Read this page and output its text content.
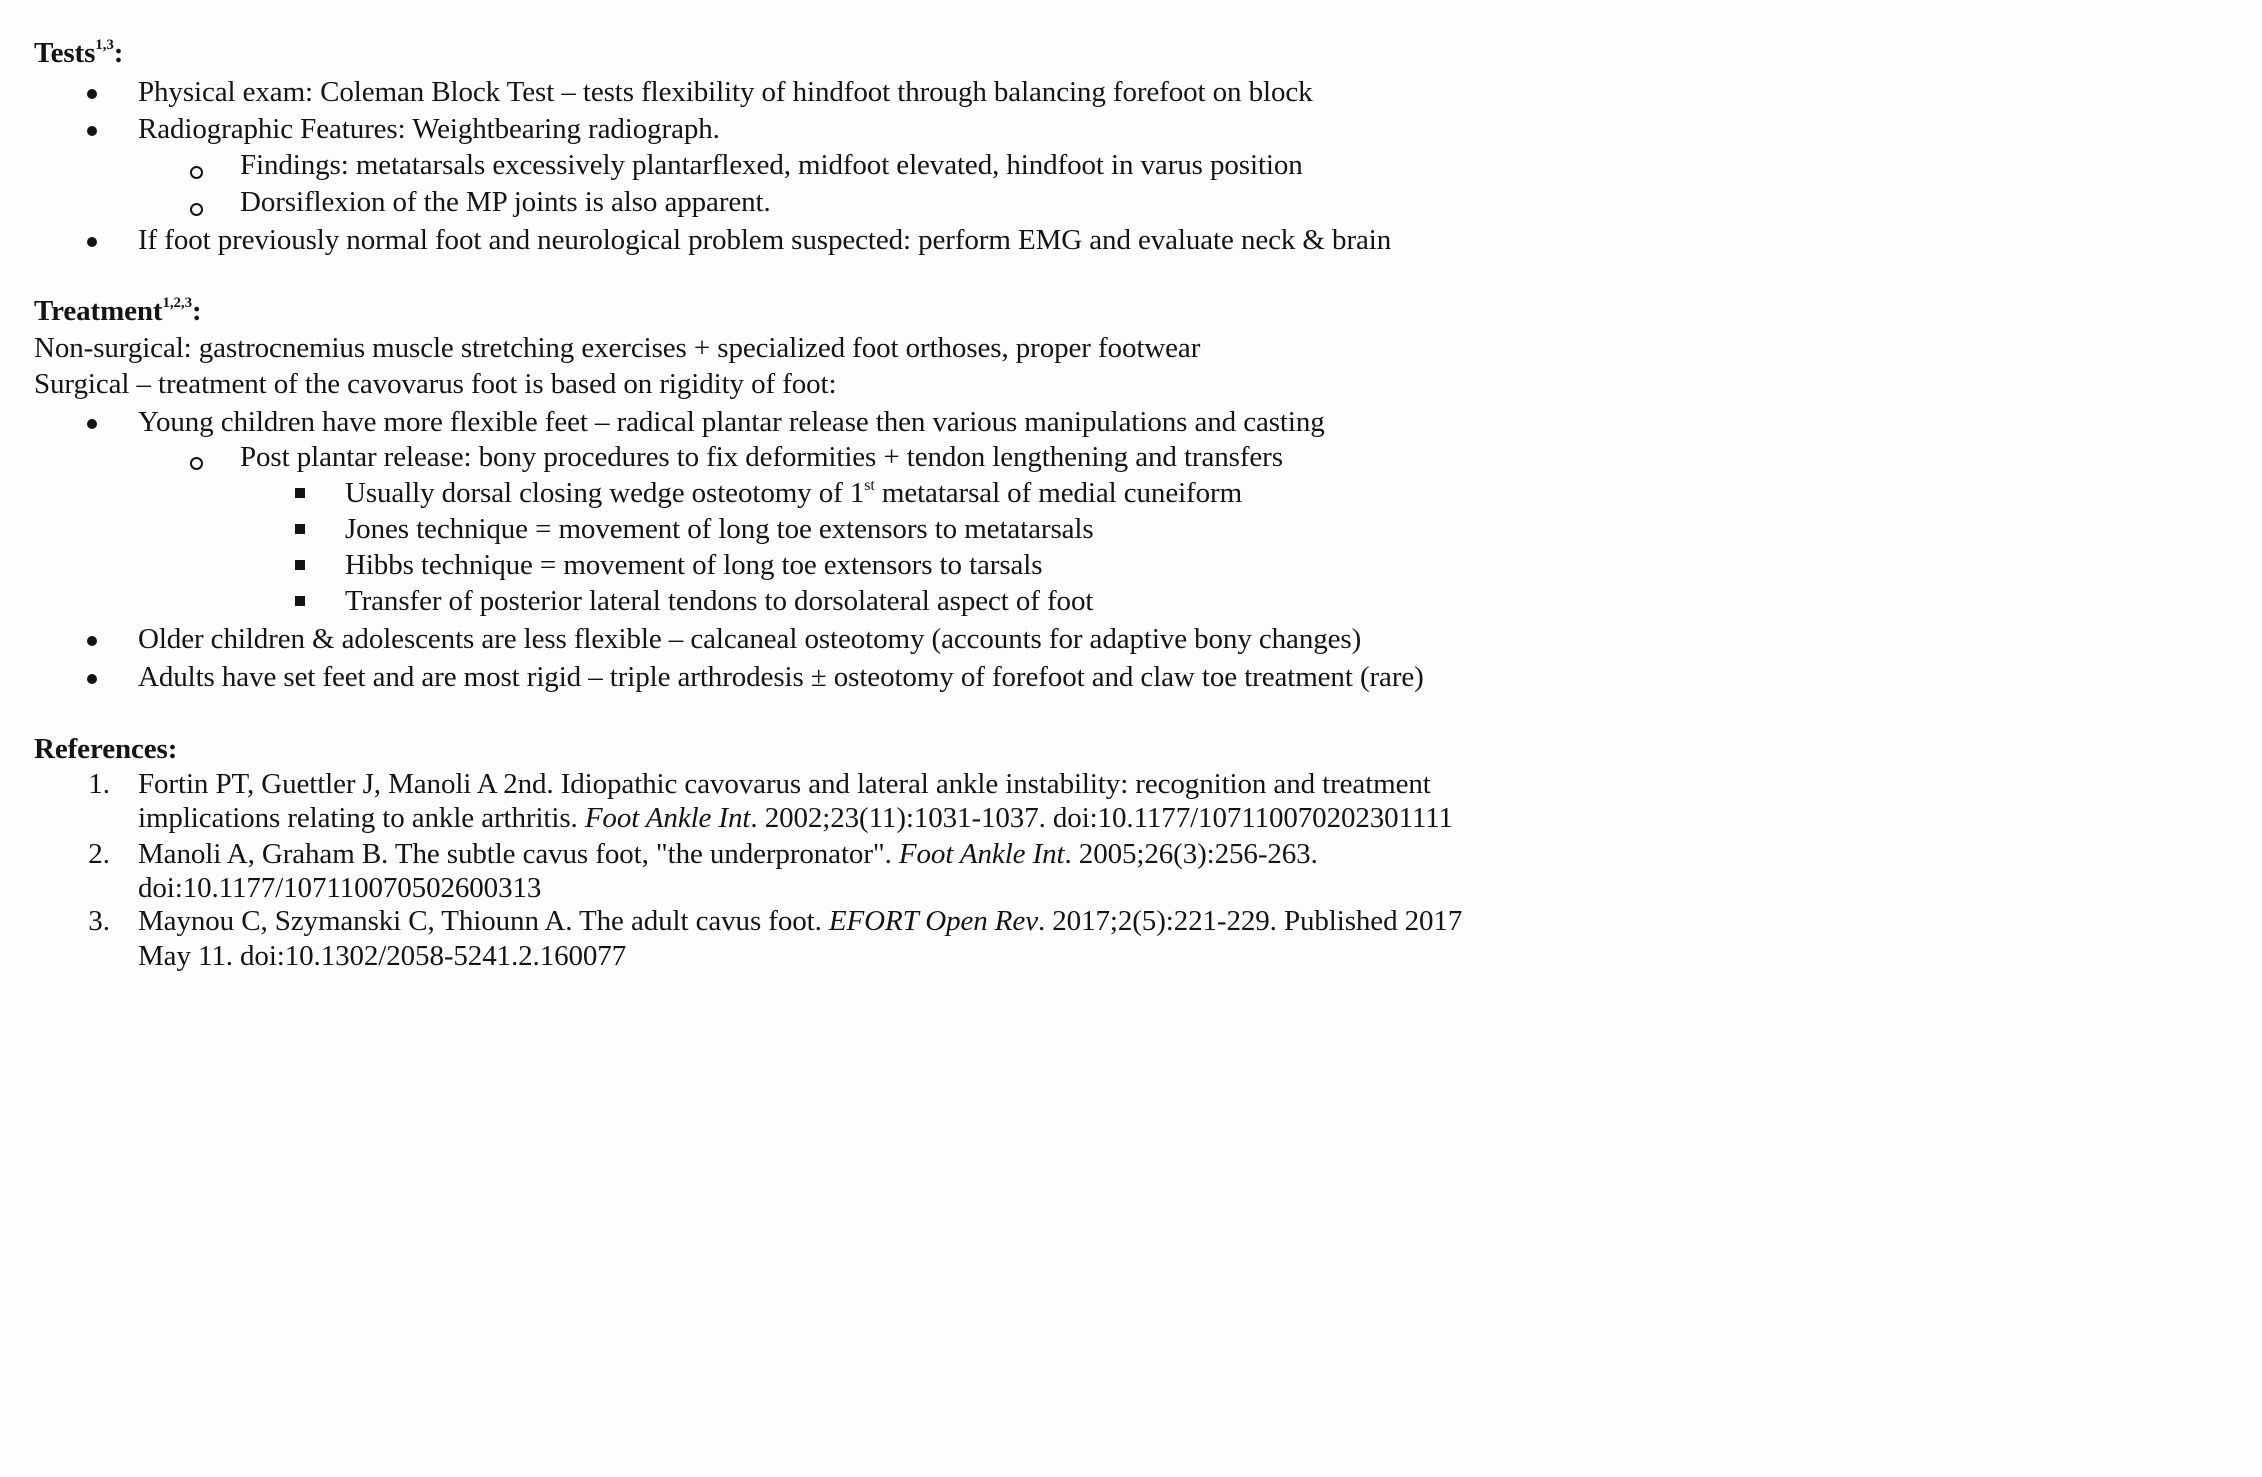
Tests$^{1,3}$:
Physical exam: Coleman Block Test – tests flexibility of hindfoot through balancing forefoot on block
Radiographic Features: Weightbearing radiograph.
Findings: metatarsals excessively plantarflexed, midfoot elevated, hindfoot in varus position
Dorsiflexion of the MP joints is also apparent.
If foot previously normal foot and neurological problem suspected: perform EMG and evaluate neck & brain
Treatment$^{1,2,3}$:
Non-surgical: gastrocnemius muscle stretching exercises + specialized foot orthoses, proper footwear
Surgical – treatment of the cavovarus foot is based on rigidity of foot:
Young children have more flexible feet – radical plantar release then various manipulations and casting
Post plantar release: bony procedures to fix deformities + tendon lengthening and transfers
Usually dorsal closing wedge osteotomy of 1st metatarsal of medial cuneiform
Jones technique = movement of long toe extensors to metatarsals
Hibbs technique = movement of long toe extensors to tarsals
Transfer of posterior lateral tendons to dorsolateral aspect of foot
Older children & adolescents are less flexible – calcaneal osteotomy (accounts for adaptive bony changes)
Adults have set feet and are most rigid – triple arthrodesis ± osteotomy of forefoot and claw toe treatment (rare)
References:
1. Fortin PT, Guettler J, Manoli A 2nd. Idiopathic cavovarus and lateral ankle instability: recognition and treatment
implications relating to ankle arthritis. Foot Ankle Int. 2002;23(11):1031-1037. doi:10.1177/107110070202301111
2. Manoli A, Graham B. The subtle cavus foot, "the underpronator". Foot Ankle Int. 2005;26(3):256-263.
doi:10.1177/107110070502600313
3. Maynou C, Szymanski C, Thiounn A. The adult cavus foot. EFORT Open Rev. 2017;2(5):221-229. Published 2017
May 11. doi:10.1302/2058-5241.2.160077
